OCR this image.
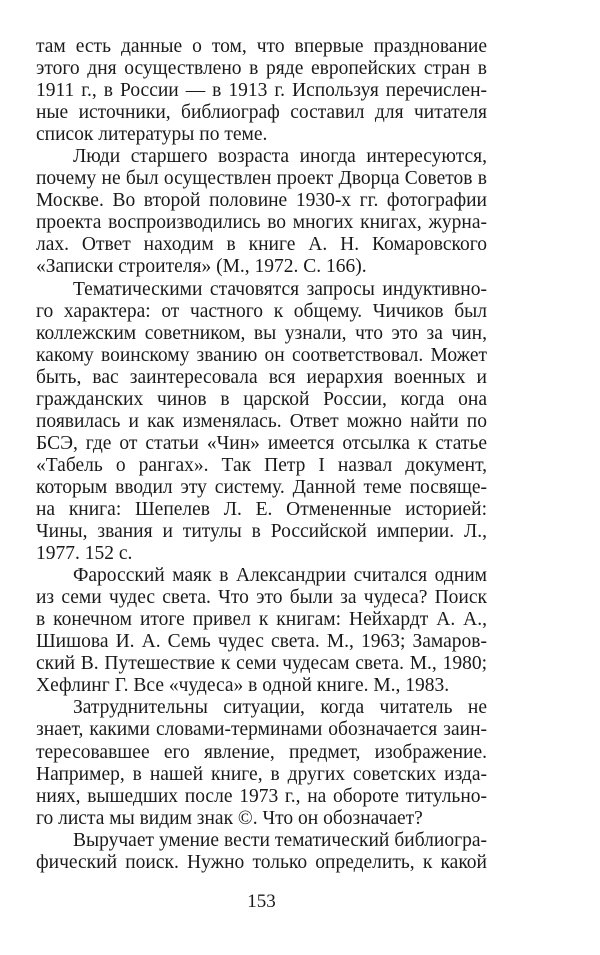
там есть данные о том, что впервые празднование
этого дня осуществлено в ряде европейских стран в
1911 г., в России — в 1913 г. Используя перечислен-
ные источники, библиограф составил для читателя
список литературы по теме.
Люди старшего возраста иногда интересуются,
почему не был осуществлен проект Дворца Советов в
Москве. Во второй половине 1930-х гг. фотографии
проекта воспроизводились во многих книгах, журна-
лах. Ответ находим в книге А. Н. Комаровского
«Записки строителя» (М., 1972. С. 166).
Тематическими стачовятся запросы индуктивно-
го характера: от частного к общему. Чичиков был
коллежским советником, вы узнали, что это за чин,
какому воинскому званию он соответствовал. Может
быть, вас заинтересовала вся иерархия военных и
гражданских чинов в царской России, когда она
появилась и как изменялась. Ответ можно найти по
БСЭ, где от статьи «Чин» имеется отсылка к статье
«Табель о рангах». Так Петр I назвал документ,
которым вводил эту систему. Данной теме посвяще-
на книга: Шепелев Л. Е. Отмененные историей:
Чины, звания и титулы в Российской империи. Л.,
1977. 152 с.
Фаросский маяк в Александрии считался одним
из семи чудес света. Что это были за чудеса? Поиск
в конечном итоге привел к книгам: Нейхардт А. А.,
Шишова И. А. Семь чудес света. М., 1963; Замаров-
ский В. Путешествие к семи чудесам света. М., 1980;
Хефлинг Г. Все «чудеса» в одной книге. М., 1983.
Затруднительны ситуации, когда читатель не
знает, какими словами-терминами обозначается заин-
тересовавшее его явление, предмет, изображение.
Например, в нашей книге, в других советских изда-
ниях, вышедших после 1973 г., на обороте титульно-
го листа мы видим знак ©. Что он обозначает?
Выручает умение вести тематический библиогра-
фический поиск. Нужно только определить, к какой
153
